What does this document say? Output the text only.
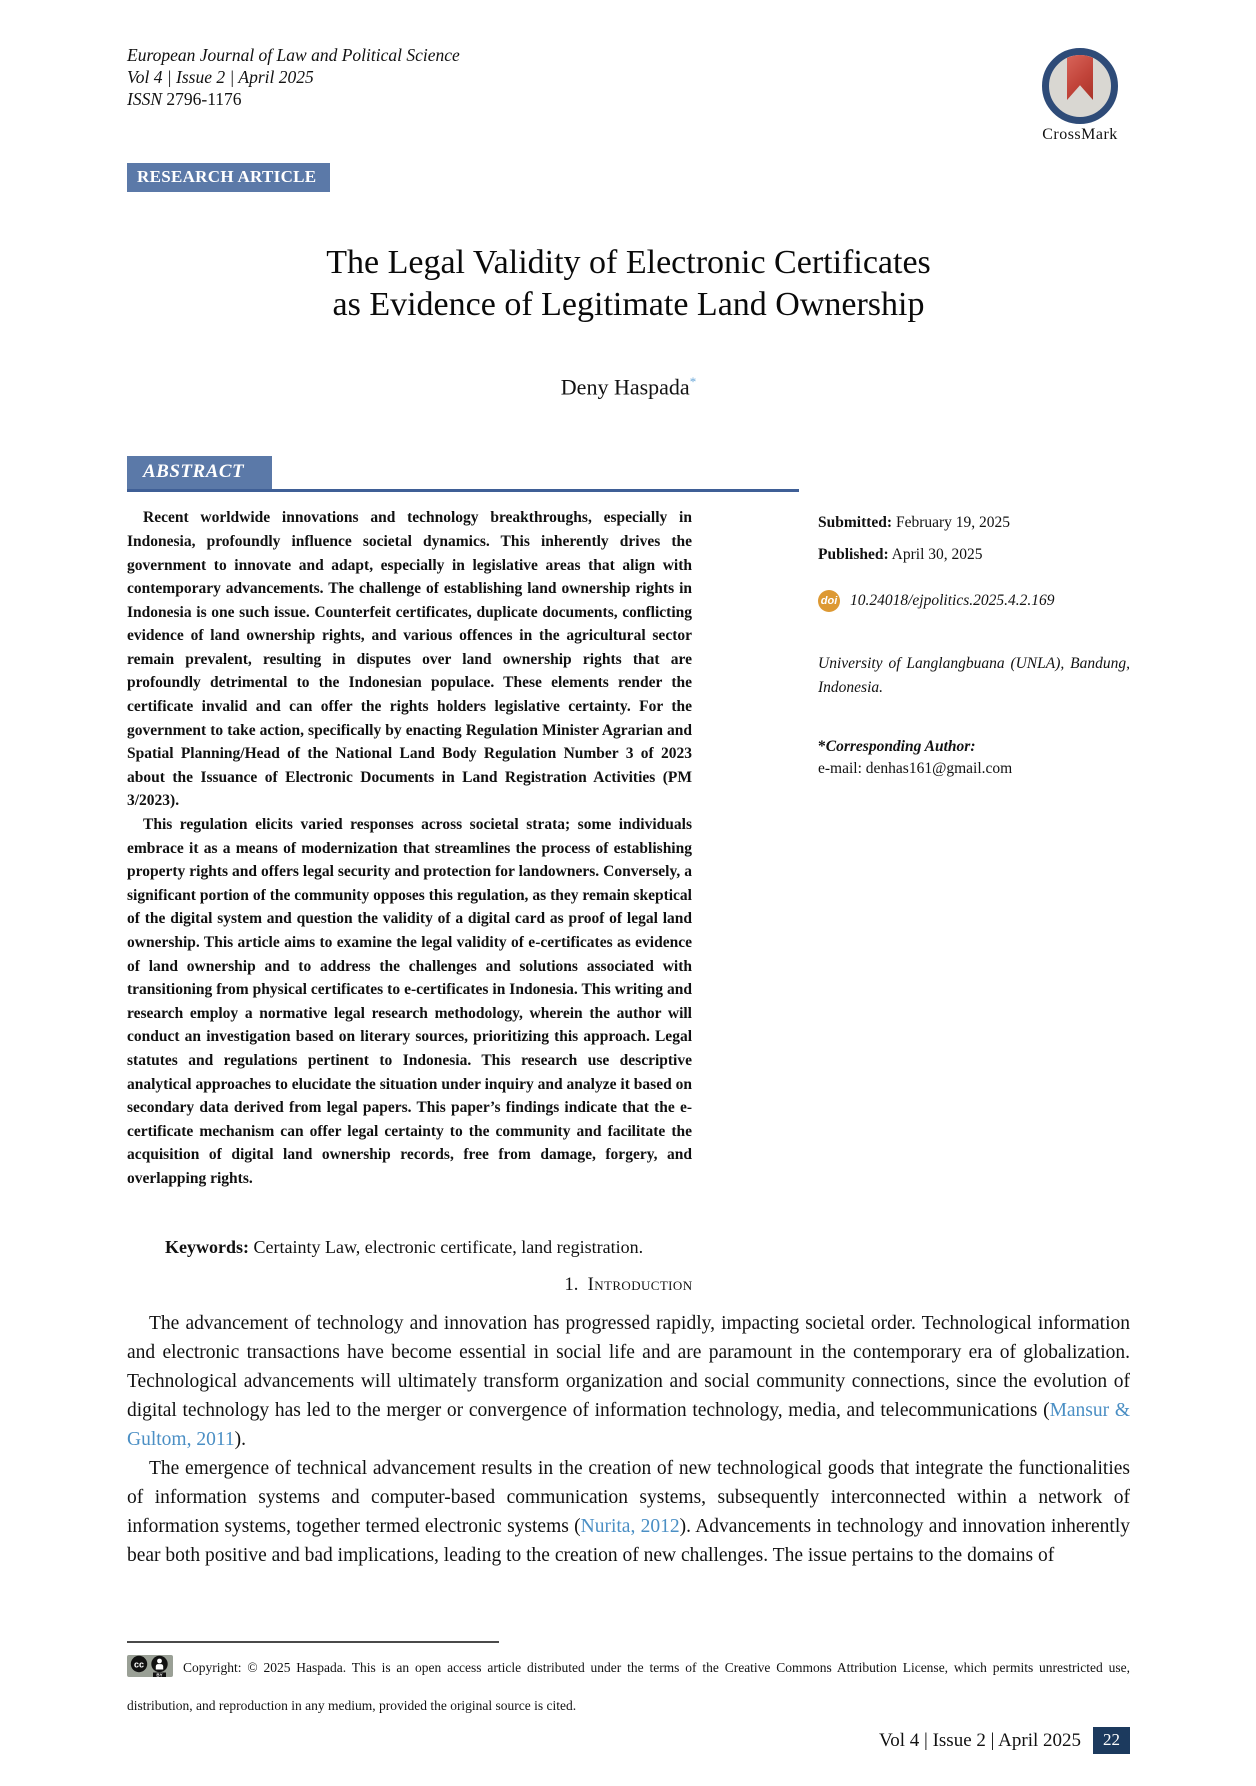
European Journal of Law and Political Science
Vol 4 | Issue 2 | April 2025
ISSN 2796-1176
CrossMark
RESEARCH ARTICLE
The Legal Validity of Electronic Certificates
as Evidence of Legitimate Land Ownership
Deny Haspada*
ABSTRACT

Recent worldwide innovations and technology breakthroughs, especially in Indonesia, profoundly influence societal dynamics. This inherently drives the government to innovate and adapt, especially in legislative areas that align with contemporary advancements. The challenge of establishing land ownership rights in Indonesia is one such issue. Counterfeit certificates, duplicate documents, conflicting evidence of land ownership rights, and various offences in the agricultural sector remain prevalent, resulting in disputes over land ownership rights that are profoundly detrimental to the Indonesian populace. These elements render the certificate invalid and can offer the rights holders legislative certainty. For the government to take action, specifically by enacting Regulation Minister Agrarian and Spatial Planning/Head of the National Land Body Regulation Number 3 of 2023 about the Issuance of Electronic Documents in Land Registration Activities (PM 3/2023).

This regulation elicits varied responses across societal strata; some individuals embrace it as a means of modernization that streamlines the process of establishing property rights and offers legal security and protection for landowners. Conversely, a significant portion of the community opposes this regulation, as they remain skeptical of the digital system and question the validity of a digital card as proof of legal land ownership. This article aims to examine the legal validity of e-certificates as evidence of land ownership and to address the challenges and solutions associated with transitioning from physical certificates to e-certificates in Indonesia. This writing and research employ a normative legal research methodology, wherein the author will conduct an investigation based on literary sources, prioritizing this approach. Legal statutes and regulations pertinent to Indonesia. This research use descriptive analytical approaches to elucidate the situation under inquiry and analyze it based on secondary data derived from legal papers. This paper’s findings indicate that the e-certificate mechanism can offer legal certainty to the community and facilitate the acquisition of digital land ownership records, free from damage, forgery, and overlapping rights.

Submitted: February 19, 2025
Published: April 30, 2025
doi 10.24018/ejpolitics.2025.4.2.169
University of Langlangbuana (UNLA), Bandung, Indonesia.
*Corresponding Author:
e-mail: denhas161@gmail.com
Keywords: Certainty Law, electronic certificate, land registration.
1. Introduction

The advancement of technology and innovation has progressed rapidly, impacting societal order. Technological information and electronic transactions have become essential in social life and are paramount in the contemporary era of globalization. Technological advancements will ultimately transform organization and social community connections, since the evolution of digital technology has led to the merger or convergence of information technology, media, and telecommunications (Mansur & Gultom, 2011).

The emergence of technical advancement results in the creation of new technological goods that integrate the functionalities of information systems and computer-based communication systems, subsequently interconnected within a network of information systems, together termed electronic systems (Nurita, 2012). Advancements in technology and innovation inherently bear both positive and bad implications, leading to the creation of new challenges. The issue pertains to the domains of

cc
BY Copyright: © 2025 Haspada. This is an open access article distributed under the terms of the Creative Commons Attribution License, which permits unrestricted use, distribution, and reproduction in any medium, provided the original source is cited.
Vol 4 | Issue 2 | April 2025	22
